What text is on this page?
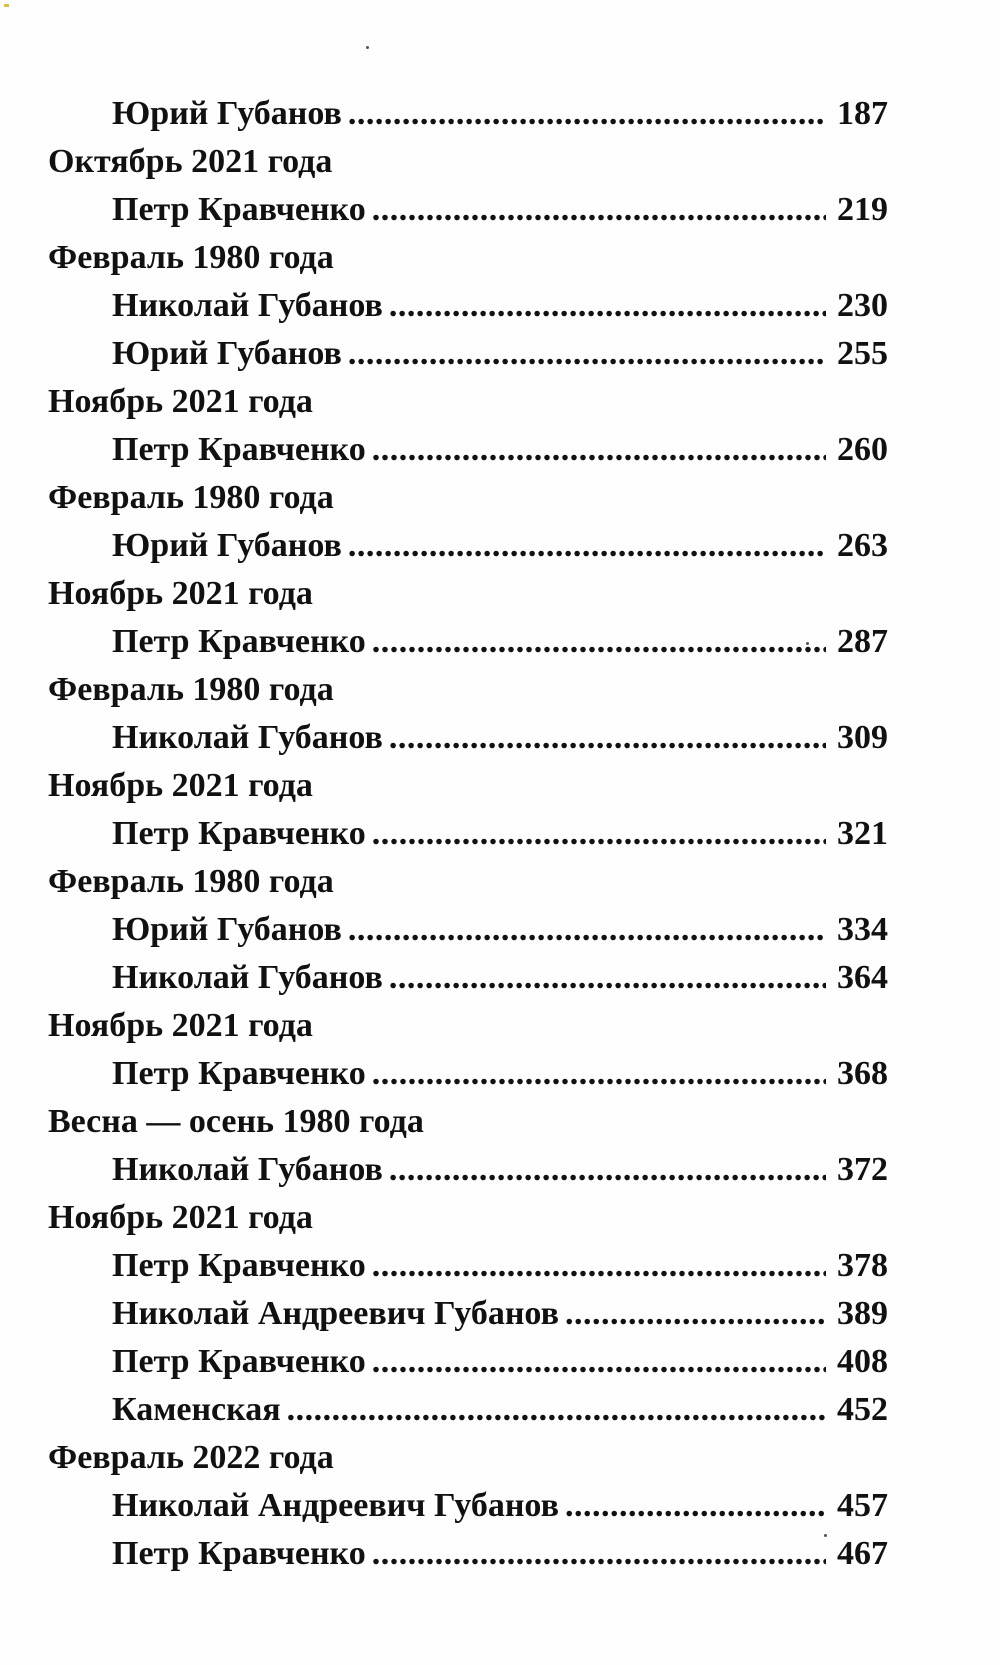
Юрий Губанов . . .	187
Октябрь 2021 года
Петр Кравченко . . .	219
Февраль 1980 года
Николай Губанов . . .	230
Юрий Губанов . . .	255
Ноябрь 2021 года
Петр Кравченко . . .	260
Февраль 1980 года
Юрий Губанов . . .	263
Ноябрь 2021 года
Петр Кравченко . . .	287
Февраль 1980 года
Николай Губанов . . .	309
Ноябрь 2021 года
Петр Кравченко . . .	321
Февраль 1980 года
Юрий Губанов . . .	334
Николай Губанов . . .	364
Ноябрь 2021 года
Петр Кравченко . . .	368
Весна — осень 1980 года
Николай Губанов . . .	372
Ноябрь 2021 года
Петр Кравченко . . .	378
Николай Андреевич Губанов . . .	389
Петр Кравченко . . .	408
Каменская . . .	452
Февраль 2022 года
Николай Андреевич Губанов . . .	457
Петр Кравченко . . .	467
